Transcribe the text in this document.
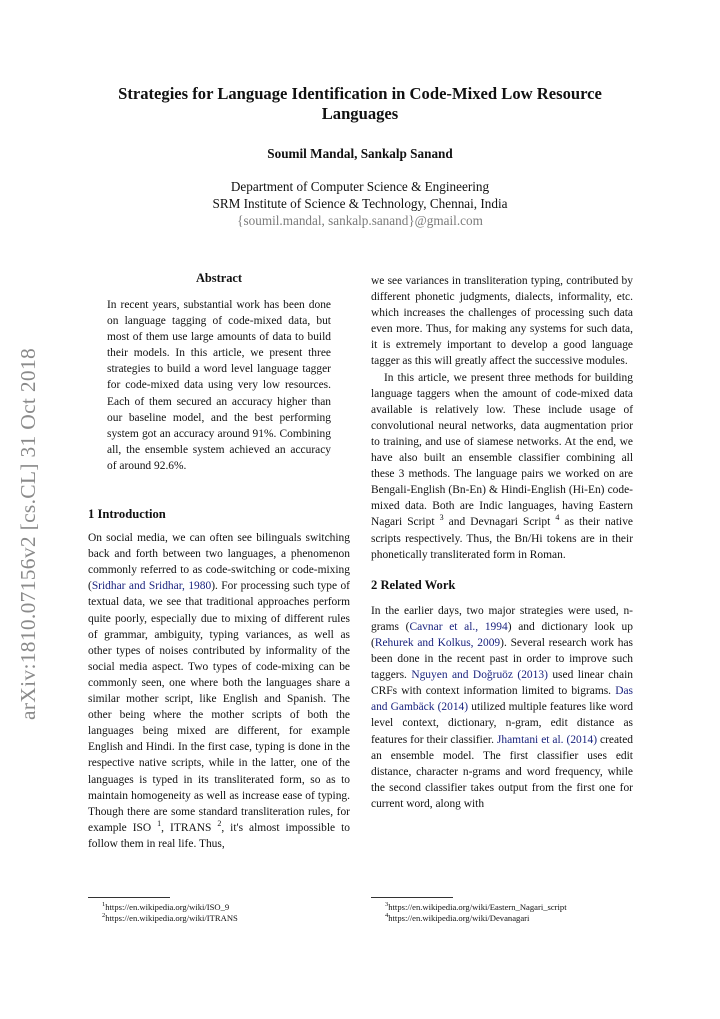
arXiv:1810.07156v2 [cs.CL] 31 Oct 2018
Strategies for Language Identification in Code-Mixed Low Resource
Languages
Soumil Mandal, Sankalp Sanand
Department of Computer Science & Engineering
SRM Institute of Science & Technology, Chennai, India
{soumil.mandal, sankalp.sanand}@gmail.com
Abstract
In recent years, substantial work has been done on language tagging of code-mixed data, but most of them use large amounts of data to build their models. In this article, we present three strategies to build a word level language tagger for code-mixed data using very low resources. Each of them secured an accuracy higher than our baseline model, and the best performing system got an accuracy around 91%. Combining all, the ensemble system achieved an accuracy of around 92.6%.
1 Introduction

On social media, we can often see bilinguals switching back and forth between two languages, a phenomenon commonly referred to as code-switching or code-mixing (Sridhar and Sridhar, 1980). For processing such type of textual data, we see that traditional approaches perform quite poorly, especially due to mixing of different rules of grammar, ambiguity, typing variances, as well as other types of noises contributed by informality of the social media aspect. Two types of code-mixing can be commonly seen, one where both the languages share a similar mother script, like English and Spanish. The other being where the mother scripts of both the languages being mixed are different, for example English and Hindi. In the first case, typing is done in the respective native scripts, while in the latter, one of the languages is typed in its transliterated form, so as to maintain homogeneity as well as increase ease of typing. Though there are some standard transliteration rules, for example ISO $^1$, ITRANS $^2$, it's almost impossible to follow them in real life. Thus,

we see variances in transliteration typing, contributed by different phonetic judgments, dialects, informality, etc. which increases the challenges of processing such data even more. Thus, for making any systems for such data, it is extremely important to develop a good language tagger as this will greatly affect the successive modules.

In this article, we present three methods for building language taggers when the amount of code-mixed data available is relatively low. These include usage of convolutional neural networks, data augmentation prior to training, and use of siamese networks. At the end, we have also built an ensemble classifier combining all these 3 methods. The language pairs we worked on are Bengali-English (Bn-En) & Hindi-English (Hi-En) code-mixed data. Both are Indic languages, having Eastern Nagari Script $^3$ and Devnagari Script $^4$ as their native scripts respectively. Thus, the Bn/Hi tokens are in their phonetically transliterated form in Roman.

2 Related Work

In the earlier days, two major strategies were used, n-grams (Cavnar et al., 1994) and dictionary look up (Rehurek and Kolkus, 2009). Several research work has been done in the recent past in order to improve such taggers. Nguyen and Doğruöz (2013) used linear chain CRFs with context information limited to bigrams. Das and Gambäck (2014) utilized multiple features like word level context, dictionary, n-gram, edit distance as features for their classifier. Jhamtani et al. (2014) created an ensemble model. The first classifier uses edit distance, character n-grams and word frequency, while the second classifier takes output from the first one for current word, along with

$^1$https://en.wikipedia.org/wiki/ISO_9
$^2$https://en.wikipedia.org/wiki/ITRANS
$^3$https://en.wikipedia.org/wiki/Eastern_Nagari_script
$^4$https://en.wikipedia.org/wiki/Devanagari
